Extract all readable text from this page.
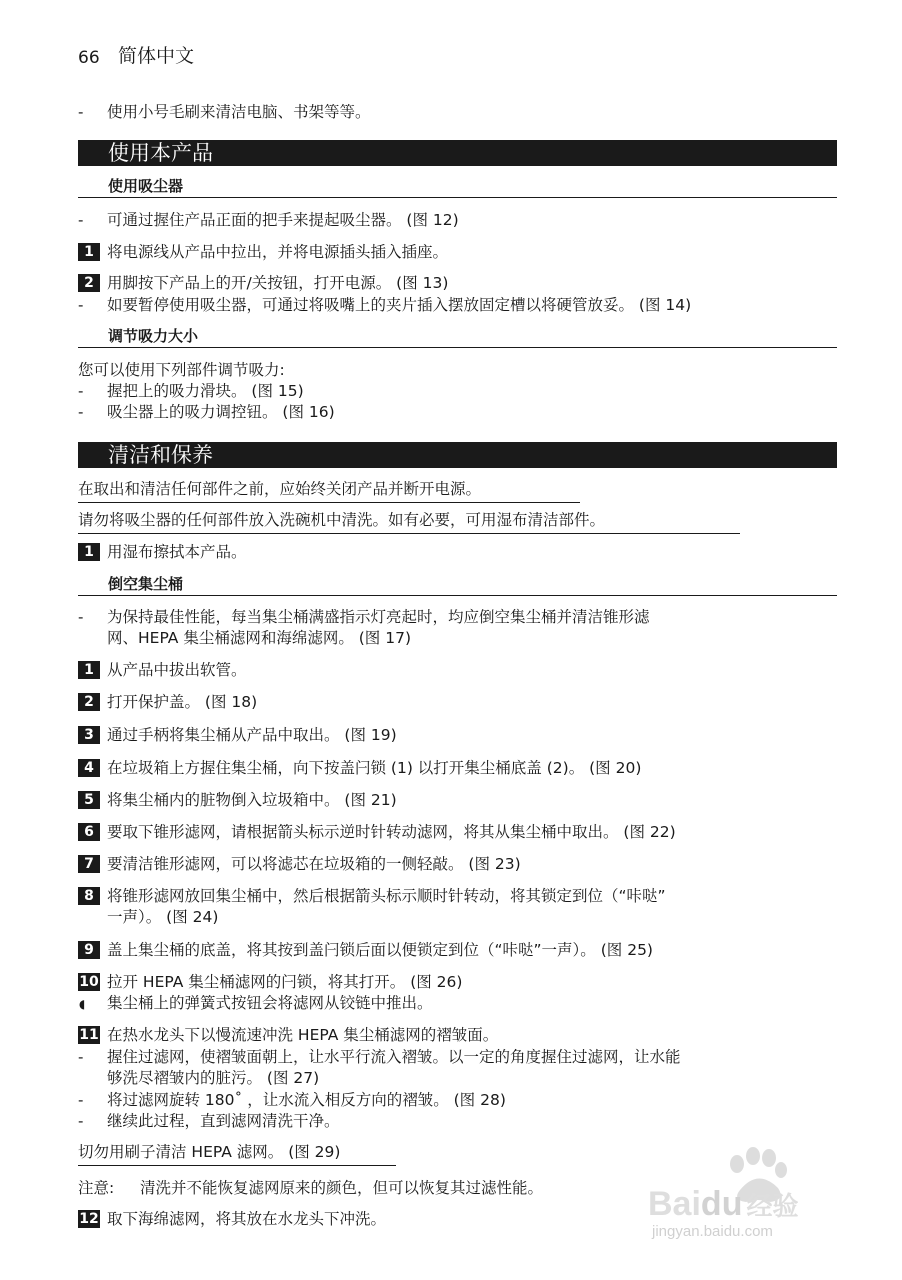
66 简体中文
- 使用小号毛刷来清洁电脑、书架等等。
使用本产品
使用吸尘器
- 可通过握住产品正面的把手来提起吸尘器。 (图 12)
1 将电源线从产品中拉出，并将电源插头插入插座。
2 用脚按下产品上的开/关按钮，打开电源。 (图 13)
- 如要暂停使用吸尘器，可通过将吸嘴上的夹片插入摆放固定槽以将硬管放妥。 (图 14)
调节吸力大小
您可以使用下列部件调节吸力:
- 握把上的吸力滑块。 (图 15)
- 吸尘器上的吸力调控钮。 (图 16)
清洁和保养
在取出和清洁任何部件之前，应始终关闭产品并断开电源。
请勿将吸尘器的任何部件放入洗碗机中清洗。如有必要，可用湿布清洁部件。
1 用湿布擦拭本产品。
倒空集尘桶
- 为保持最佳性能，每当集尘桶满盛指示灯亮起时，均应倒空集尘桶并清洁锥形滤
网、HEPA 集尘桶滤网和海绵滤网。 (图 17)
1 从产品中拔出软管。
2 打开保护盖。 (图 18)
3 通过手柄将集尘桶从产品中取出。 (图 19)
4 在垃圾箱上方握住集尘桶，向下按盖闩锁 (1) 以打开集尘桶底盖 (2)。 (图 20)
5 将集尘桶内的脏物倒入垃圾箱中。 (图 21)
6 要取下锥形滤网，请根据箭头标示逆时针转动滤网，将其从集尘桶中取出。 (图 22)
7 要清洁锥形滤网，可以将滤芯在垃圾箱的一侧轻敲。 (图 23)
8 将锥形滤网放回集尘桶中，然后根据箭头标示顺时针转动，将其锁定到位（“咔哒”
一声）。 (图 24)
9 盖上集尘桶的底盖，将其按到盖闩锁后面以便锁定到位（“咔哒”一声）。 (图 25)
10 拉开 HEPA 集尘桶滤网的闩锁，将其打开。 (图 26)
◖ 集尘桶上的弹簧式按钮会将滤网从铰链中推出。
11 在热水龙头下以慢流速冲洗 HEPA 集尘桶滤网的褶皱面。
- 握住过滤网，使褶皱面朝上，让水平行流入褶皱。以一定的角度握住过滤网，让水能
够洗尽褶皱内的脏污。 (图 27)
- 将过滤网旋转 180˚ ，让水流入相反方向的褶皱。 (图 28)
- 继续此过程，直到滤网清洗干净。
切勿用刷子清洁 HEPA 滤网。 (图 29)
注意: 清洗并不能恢复滤网原来的颜色，但可以恢复其过滤性能。
12 取下海绵滤网，将其放在水龙头下冲洗。	Baidu 经验
jingyan.baidu.com
